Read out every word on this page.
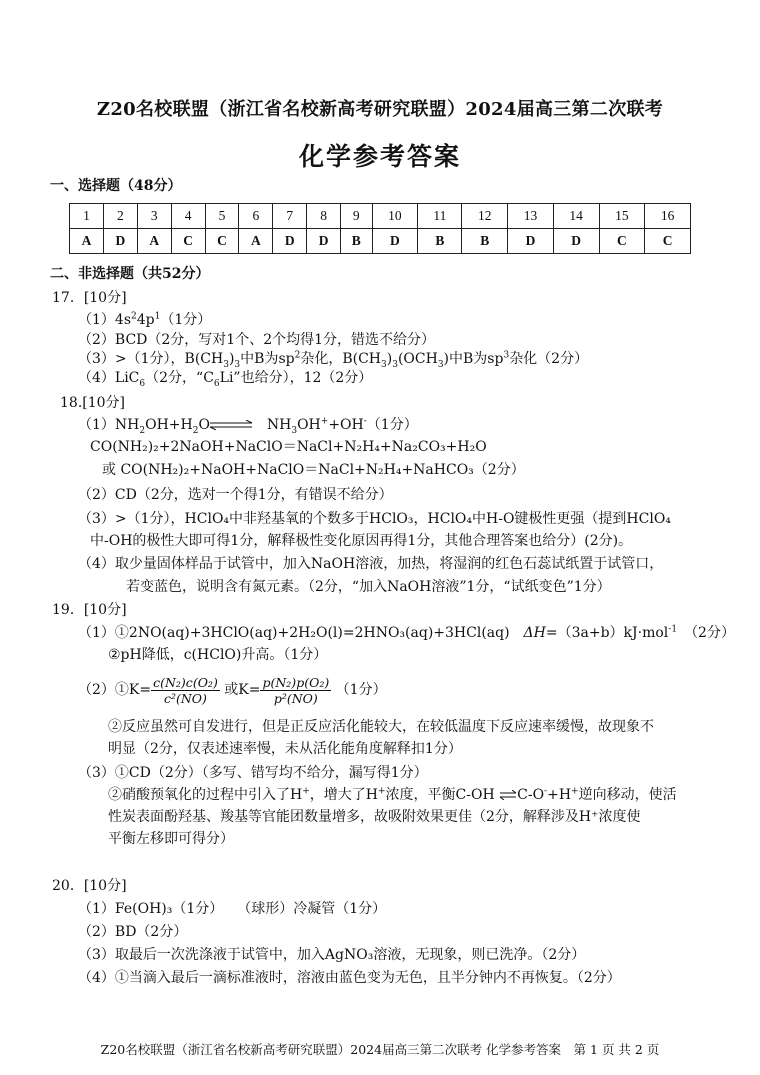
Z20名校联盟（浙江省名校新高考研究联盟）2024届高三第二次联考
化学参考答案
一、选择题（48分）
1	2	3	4	5	6	7	8	9	10	11	12	13	14	15	16
A	D	A	C	C	A	D	D	B	D	B	B	D	D	C	C
二、非选择题（共52分）
17．[10分]
$(1)4s^24p^1(1$分）
（2）BCD（2分，写对1个、2个均得1分，错选不给分）
（3）>（1分），$B(CH_3)_3$中B为$sp^2$杂化，$B(CH_3)_3(OCH_3)$中B为$sp^3$杂化（2分）
（4）LiC$_6$（2分，“$C_6Li$”也给分），12（2分）
18.[10分]
$(1)NH_2OH+H_2O$ ⇌ $NH_3OH^++OH^-(1$分）
CO(NH₂)₂+2NaOH+NaClO＝NaCl+N₂H₄+Na₂CO₃+H₂O
或 CO(NH₂)₂+NaOH+NaClO＝NaCl+N₂H₄+NaHCO₃（2分）
（2）CD（2分，选对一个得1分，有错误不给分）
（3）>（1分），HClO₄中非羟基氧的个数多于HClO₃，HClO₄中H-O键极性更强（提到HClO₄
中-OH的极性大即可得1分，解释极性变化原因再得1分，其他合理答案也给分）(2分)。
（4）取少量固体样品于试管中，加入NaOH溶液，加热，将湿润的红色石蕊试纸置于试管口，
若变蓝色，说明含有氮元素。（2分，“加入NaOH溶液”1分，“试纸变色”1分）
19．[10分]
（1）①2NO(aq)+3HClO(aq)+2H₂O(l)=2HNO₃(aq)+3HCl(aq)　 ΔH=（3a+b）kJ·mol$^{-1}$　 （2分）
②pH降低，c(HClO)升高。（1分）
（2）①K= $\frac{\text{c(N₂)c(O₂)}}{\text{c²(NO)}}$ 或$K= \frac{\text{p(N₂)p(O₂)}}{\text{p²(NO)}} (1$分）
②反应虽然可自发进行，但是正反应活化能较大，在较低温度下反应速率缓慢，故现象不
明显（2分，仅表述速率慢，未从活化能角度解释扣1分）
（3）①CD（2分）（多写、错写均不给分，漏写得1分）
②硝酸预氧化的过程中引入了H+，增大了H+浓度，平衡C-OH ⇌C-O-+H+逆向移动，使活
性炭表面酚羟基、羧基等官能团数量增多，故吸附效果更佳（2分，解释涉及H⁺浓度使
平衡左移即可得分）
20．[10分]
（1）Fe(OH)₃（1分）　　（球形）冷凝管（1分）
（2）BD（2分）
（3）取最后一次洗涤液于试管中，加入AgNO₃溶液，无现象，则已洗净。（2分）
（4）①当滴入最后一滴标准液时，溶液由蓝色变为无色，且半分钟内不再恢复。（2分）
Z20名校联盟（浙江省名校新高考研究联盟）2024届高三第二次联考 化学参考答案　第 1 页 共 2 页
